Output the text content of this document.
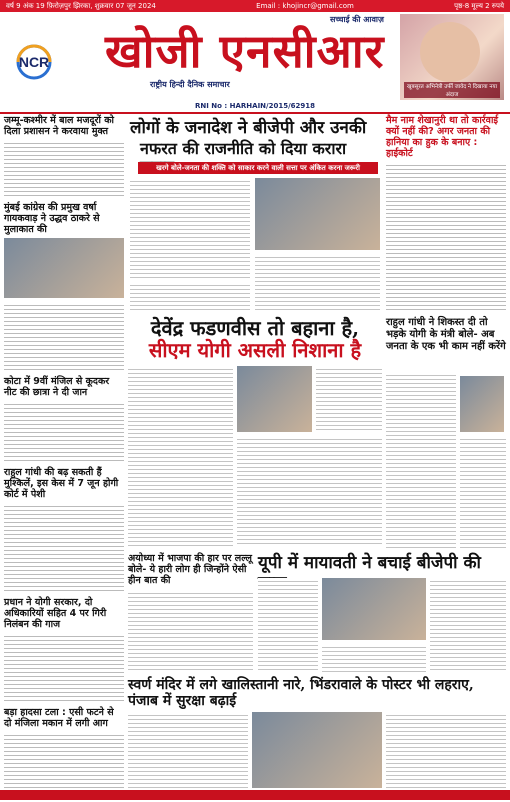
वर्ष 9 अंक 19 फ़िरोज़पुर झिरका, शुक्रवार 07 जून 2024	Email : khojincr@gmail.com	पृष्ठ-8 मूल्य 2 रुपये
NCR
सच्चाई की आवाज़
खोजी एनसीआर
राष्ट्रीय हिन्दी दैनिक समाचार	खूबसूरत अभिनेत्री उर्फी जावेद ने दिखाया नया अंदाज
RNI No : HARHAIN/2015/62918
जम्मू-कश्मीर में बाल मजदूरों को दिला प्रशासन ने करवाया मुक्त
मुंबई कांग्रेस की प्रमुख वर्षा गायकवाड़ ने उद्धव ठाकरे से मुलाकात की
कोटा में 9वीं मंजिल से कूदकर नीट की छात्रा ने दी जान
राहुल गांधी की बढ़ सकती हैं मुश्किलें, इस केस में 7 जून होगी कोर्ट में पेशी
प्रधान ने योगी सरकार, दो अधिकारियों सहित 4 पर गिरी निलंबन की गाज
बड़ा हादसा टला : एसी फटने से दो मंजिला मकान में लगी आग
लोगों के जनादेश ने बीजेपी और उनकी
नफरत की राजनीति को दिया करारा
खरगे बोले-जनता की शक्ति को साकार करने वाली सत्ता पर अंकित करना जरूरी
मैम नाम शेखानुरी था तो कार्रवाई क्यों नहीं की? अगर जनता की हानिया का हुक के बनाए : हाईकोर्ट
देवेंद्र फडणवीस तो बहाना है,
सीएम योगी असली निशाना है
राहुल गांधी ने शिकस्त दी तो भड़के योगी के मंत्री बोले- अब जनता के एक भी काम नहीं करेंगे
अयोध्या में भाजपा की हार पर लल्लू बोले- ये हारी लोग ही जिन्होंने ऐसी हीन बात की
यूपी में मायावती ने बचाई बीजेपी की
स्वर्ण मंदिर में लगे खालिस्तानी नारे, भिंडरावाले के पोस्टर भी लहराए, पंजाब में सुरक्षा बढ़ाई
